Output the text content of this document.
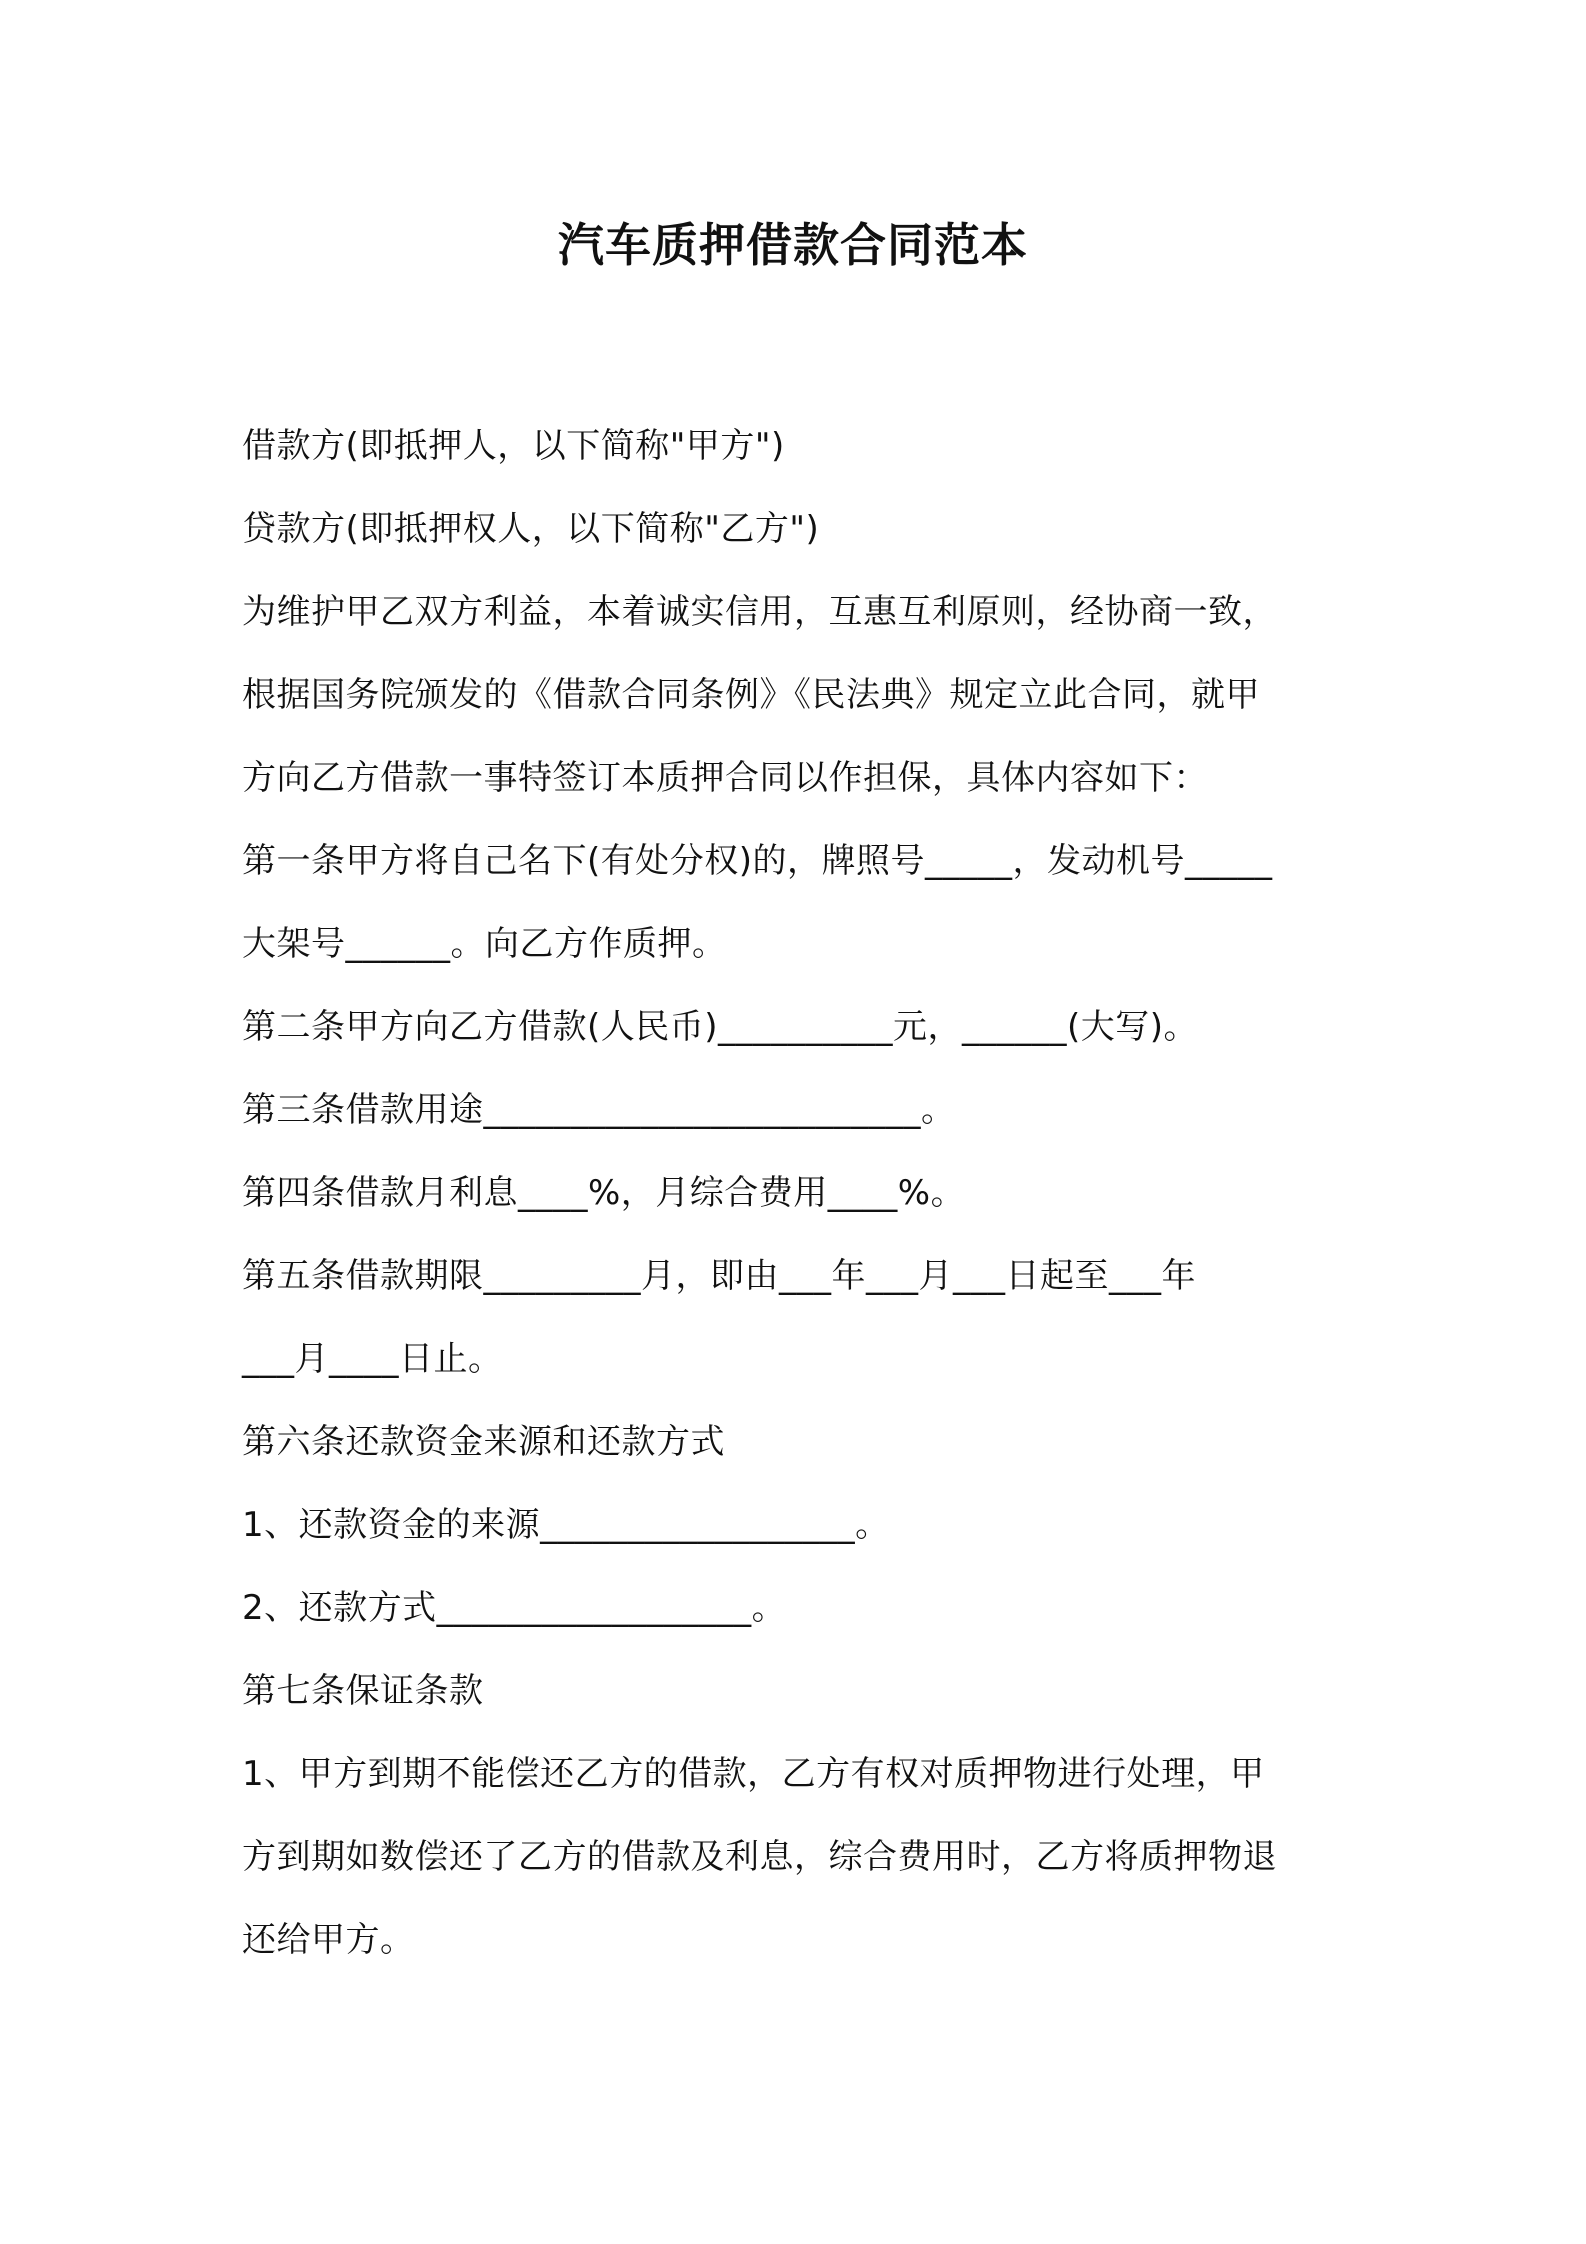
汽车质押借款合同范本
借款方(即抵押人，以下简称"甲方")
贷款方(即抵押权人，以下简称"乙方")
为维护甲乙双方利益，本着诚实信用，互惠互利原则，经协商一致，
根据国务院颁发的《借款合同条例》《民法典》规定立此合同，就甲
方向乙方借款一事特签订本质押合同以作担保，具体内容如下：
第一条甲方将自己名下(有处分权)的，牌照号_____，发动机号_____
大架号______。向乙方作质押。
第二条甲方向乙方借款(人民币)__________元，______(大写)。
第三条借款用途_________________________。
第四条借款月利息____%，月综合费用____%。
第五条借款期限_________月，即由___年___月___日起至___年
___月____日止。
第六条还款资金来源和还款方式
1、还款资金的来源__________________。
2、还款方式__________________。
第七条保证条款
1、甲方到期不能偿还乙方的借款，乙方有权对质押物进行处理，甲
方到期如数偿还了乙方的借款及利息，综合费用时，乙方将质押物退
还给甲方。
